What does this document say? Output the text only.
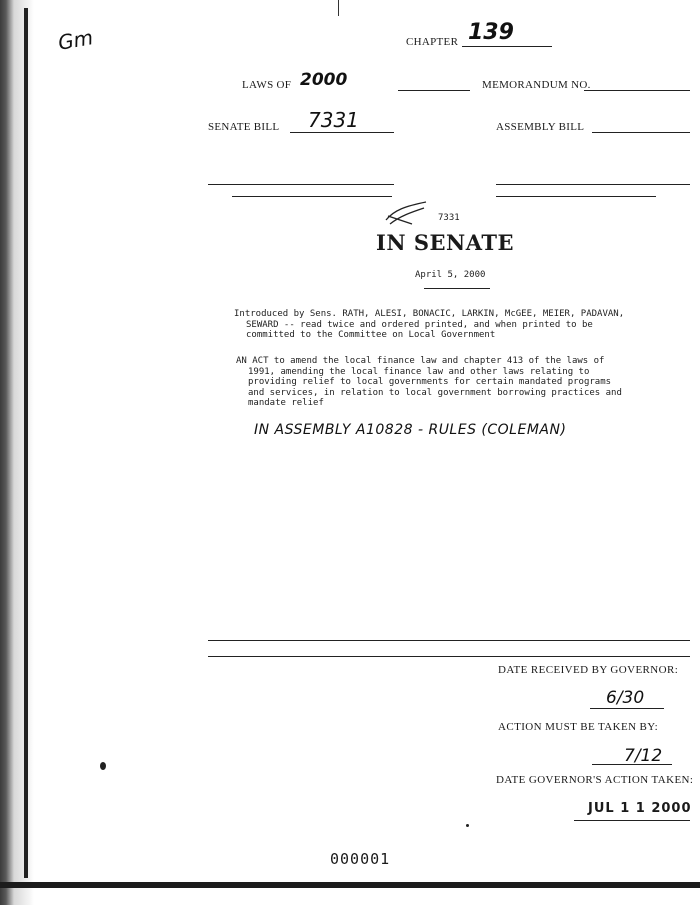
Gm	CHAPTER 139
LAWS OF 2000	MEMORANDUM NO.
SENATE BILL 7331	ASSEMBLY BILL
7331
IN SENATE
April 5, 2000
Introduced by Sens. RATH, ALESI, BONACIC, LARKIN, McGEE, MEIER, PADAVAN,
SEWARD -- read twice and ordered printed, and when printed to be
committed to the Committee on Local Government
AN ACT to amend the local finance law and chapter 413 of the laws of
1991, amending the local finance law and other laws relating to
providing relief to local governments for certain mandated programs
and services, in relation to local government borrowing practices and
mandate relief
IN ASSEMBLY A10828 - RULES (COLEMAN)
DATE RECEIVED BY GOVERNOR:
6/30
ACTION MUST BE TAKEN BY:
7/12
DATE GOVERNOR'S ACTION TAKEN:
JUL 1 1 2000
000001
